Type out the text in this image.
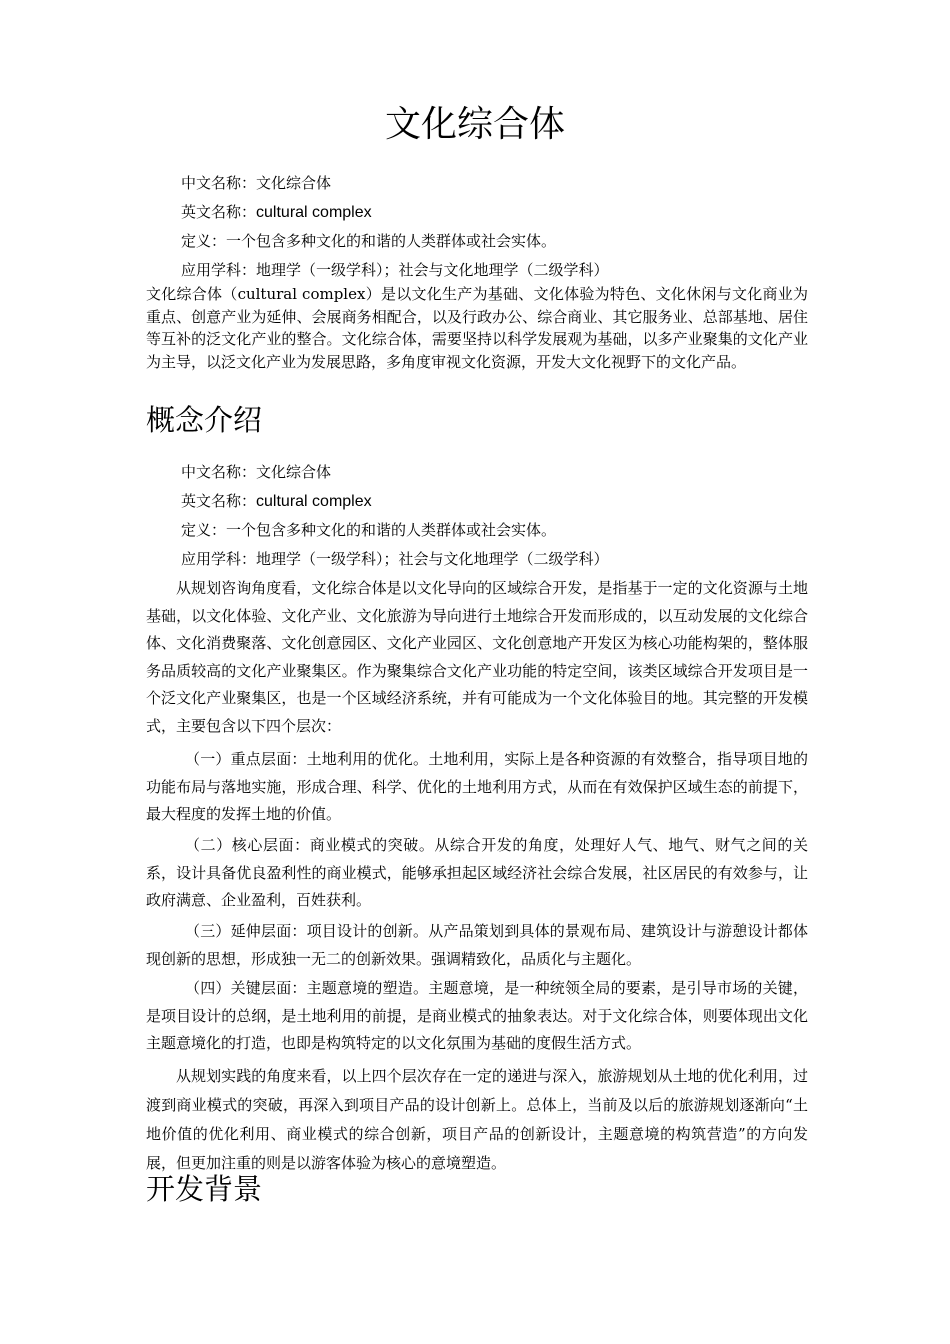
文化综合体
中文名称：文化综合体
英文名称：cultural complex
定义：一个包含多种文化的和谐的人类群体或社会实体。
应用学科：地理学（一级学科）；社会与文化地理学（二级学科）
文化综合体（cultural complex）是以文化生产为基础、文化体验为特色、文化休闲与文化商业为重点、创意产业为延伸、会展商务相配合，以及行政办公、综合商业、其它服务业、总部基地、居住等互补的泛文化产业的整合。文化综合体，需要坚持以科学发展观为基础，以多产业聚集的文化产业为主导，以泛文化产业为发展思路，多角度审视文化资源，开发大文化视野下的文化产品。
概念介绍
中文名称：文化综合体
英文名称：cultural complex
定义：一个包含多种文化的和谐的人类群体或社会实体。
应用学科：地理学（一级学科）；社会与文化地理学（二级学科）
从规划咨询角度看，文化综合体是以文化导向的区域综合开发，是指基于一定的文化资源与土地基础，以文化体验、文化产业、文化旅游为导向进行土地综合开发而形成的，以互动发展的文化综合体、文化消费聚落、文化创意园区、文化产业园区、文化创意地产开发区为核心功能构架的，整体服务品质较高的文化产业聚集区。作为聚集综合文化产业功能的特定空间，该类区域综合开发项目是一个泛文化产业聚集区，也是一个区域经济系统，并有可能成为一个文化体验目的地。其完整的开发模式，主要包含以下四个层次：
（一）重点层面：土地利用的优化。土地利用，实际上是各种资源的有效整合，指导项目地的功能布局与落地实施，形成合理、科学、优化的土地利用方式，从而在有效保护区域生态的前提下，最大程度的发挥土地的价值。
（二）核心层面：商业模式的突破。从综合开发的角度，处理好人气、地气、财气之间的关系，设计具备优良盈利性的商业模式，能够承担起区域经济社会综合发展，社区居民的有效参与，让政府满意、企业盈利，百姓获利。
（三）延伸层面：项目设计的创新。从产品策划到具体的景观布局、建筑设计与游憩设计都体现创新的思想，形成独一无二的创新效果。强调精致化，品质化与主题化。
（四）关键层面：主题意境的塑造。主题意境，是一种统领全局的要素，是引导市场的关键，是项目设计的总纲，是土地利用的前提，是商业模式的抽象表达。对于文化综合体，则要体现出文化主题意境化的打造，也即是构筑特定的以文化氛围为基础的度假生活方式。
从规划实践的角度来看，以上四个层次存在一定的递进与深入，旅游规划从土地的优化利用，过渡到商业模式的突破，再深入到项目产品的设计创新上。总体上，当前及以后的旅游规划逐渐向“土地价值的优化利用、商业模式的综合创新，项目产品的创新设计，主题意境的构筑营造”的方向发展，但更加注重的则是以游客体验为核心的意境塑造。
开发背景
